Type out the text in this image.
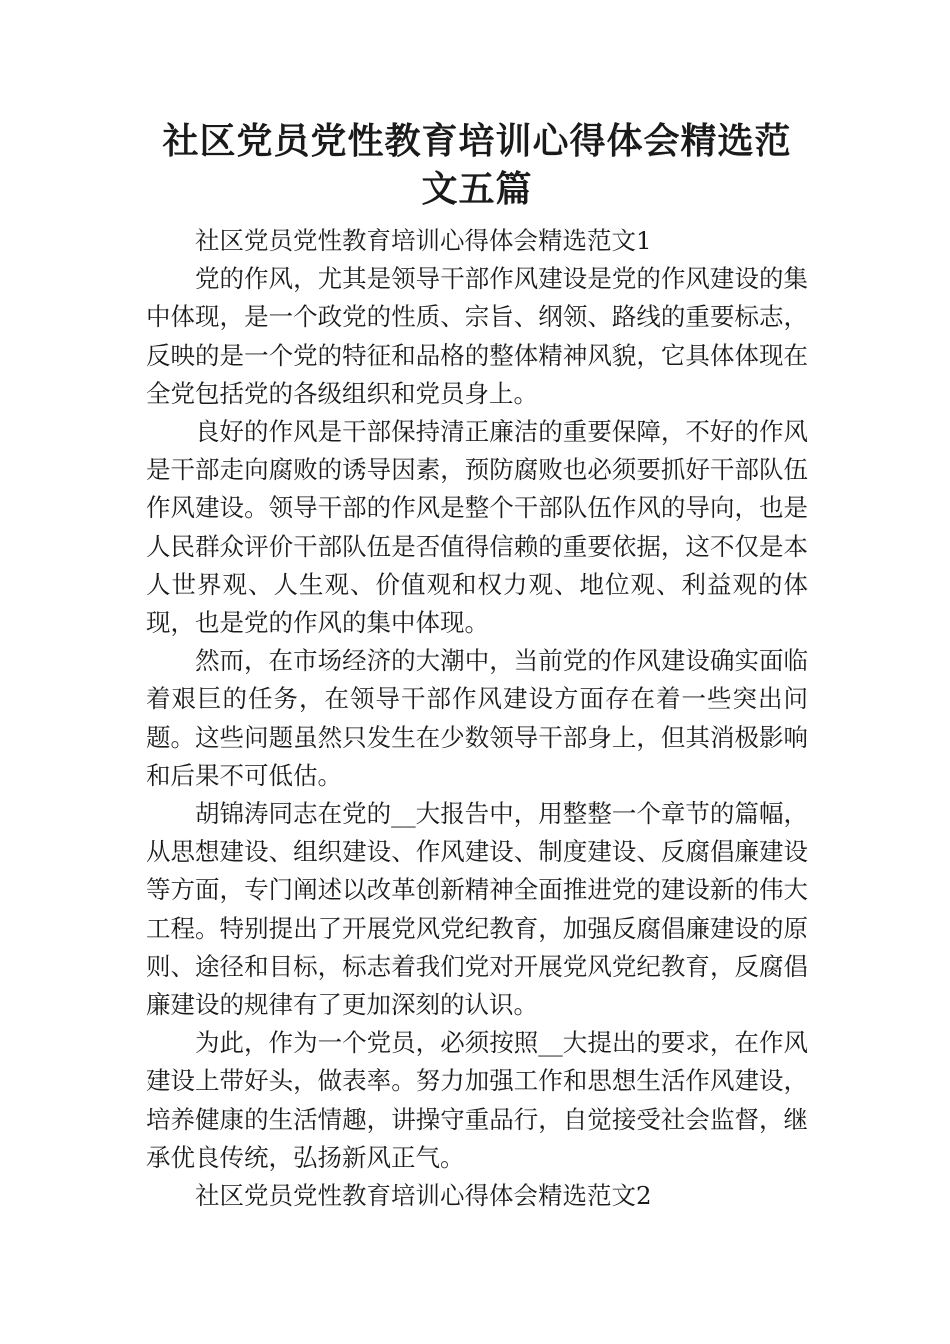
社区党员党性教育培训心得体会精选范文五篇

社区党员党性教育培训心得体会精选范文1

党的作风，尤其是领导干部作风建设是党的作风建设的集中体现，是一个政党的性质、宗旨、纲领、路线的重要标志，反映的是一个党的特征和品格的整体精神风貌，它具体体现在全党包括党的各级组织和党员身上。

良好的作风是干部保持清正廉洁的重要保障，不好的作风是干部走向腐败的诱导因素，预防腐败也必须要抓好干部队伍作风建设。领导干部的作风是整个干部队伍作风的导向，也是人民群众评价干部队伍是否值得信赖的重要依据，这不仅是本人世界观、人生观、价值观和权力观、地位观、利益观的体现，也是党的作风的集中体现。

然而，在市场经济的大潮中，当前党的作风建设确实面临着艰巨的任务，在领导干部作风建设方面存在着一些突出问题。这些问题虽然只发生在少数领导干部身上，但其消极影响和后果不可低估。

胡锦涛同志在党的__大报告中，用整整一个章节的篇幅，从思想建设、组织建设、作风建设、制度建设、反腐倡廉建设等方面，专门阐述以改革创新精神全面推进党的建设新的伟大工程。特别提出了开展党风党纪教育，加强反腐倡廉建设的原则、途径和目标，标志着我们党对开展党风党纪教育，反腐倡廉建设的规律有了更加深刻的认识。

为此，作为一个党员，必须按照__大提出的要求，在作风建设上带好头，做表率。努力加强工作和思想生活作风建设，培养健康的生活情趣，讲操守重品行，自觉接受社会监督，继承优良传统，弘扬新风正气。

社区党员党性教育培训心得体会精选范文2
